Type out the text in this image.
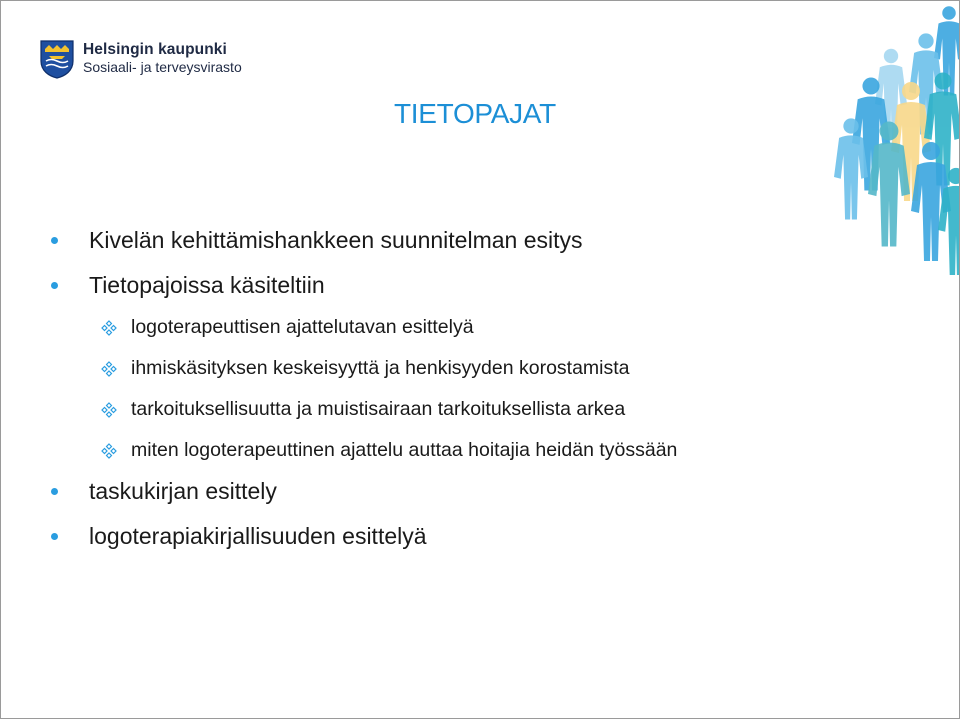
Helsingin kaupunki
Sosiaali- ja terveysvirasto
TIETOPAJAT
Kivelän kehittämishankkeen suunnitelman esitys
Tietopajoissa käsiteltiin
logoterapeuttisen ajattelutavan esittelyä
ihmiskäsityksen keskeisyyttä ja henkisyyden korostamista
tarkoituksellisuutta ja muistisairaan tarkoituksellista arkea
miten logoterapeuttinen ajattelu auttaa hoitajia heidän työssään
taskukirjan esittely
logoterapiakirjallisuuden esittelyä
